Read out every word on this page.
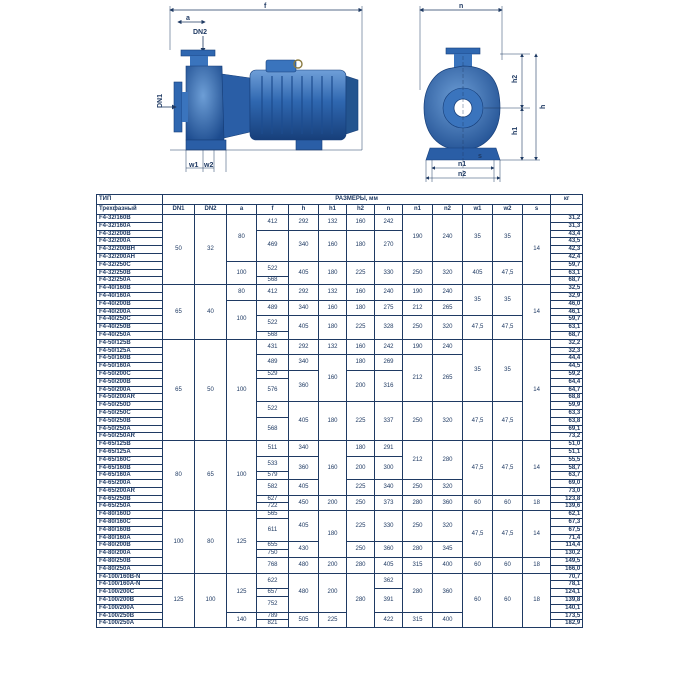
f
a
DN2
DN1
w1 w2
n
h2
h1
h
s
n1
n2
ТИП	РАЗМЕРЫ, мм													кг
Трехфазный	DN1	DN2	a	f	h	h1	h2	n	n1	n2	w1	w2	s	
F4-32/160B	50	32	80	412	292	132	160	242	190	240	35	35	14	31,2
F4-32/160A														31,3
F4-32/200B				469	340	160	180	270						43,4
F4-32/200A														43,5
F4-32/200BH														42,3
F4-32/200AH														42,4
F4-32/250C			100	522	405	180	225	330	250	320	405	47,5		59,7
F4-32/250B														63,1
F4-32/250A				568										68,7
F4-40/160B	65	40	80	412	292	132	160	240	190	240	35	35	14	32,5
F4-40/160A														32,9
F4-40/200B			100	489	340	160	180	275	212	265				46,0
F4-40/200A														46,1
F4-40/250C				522	405	180	225	328	250	320	47,5	47,5		59,7
F4-40/250B														63,1
F4-40/250A				568										68,7
F4-50/125B	65	50	100	431	292	132	160	242	190	240	35	35	14	32,2
F4-50/125A														32,3
F4-50/160B				489	340	160	180	269	212	265				44,4
F4-50/160A														44,5
F4-50/200C				529	360		200	316						59,2
F4-50/200B				576										64,4
F4-50/200A														64,7
F4-50/200AR														68,8
F4-50/250D				522	405	180	225	337	250	320	47,5	47,5		59,9
F4-50/250C														63,3
F4-50/250B				568										63,8
F4-50/250A														69,1
F4-50/250AR														73,2
F4-65/125B	80	65	100	511	340	160	180	291	212	280	47,5	47,5	14	51,0
F4-65/125A														51,1
F4-65/160C				533	360		200	300						55,5
F4-65/160B														58,7
F4-65/160A				579										63,7
F4-65/200A				582	405		225	340	250	320				69,0
F4-65/200AR														73,0
F4-65/250B				627	450	200	250	373	280	360	60	60	18	123,8
F4-65/250A				722										139,6
F4-80/160D	100	80	125	565	405	180	225	330	250	320	47,5	47,5	14	62,1
F4-80/160C				611										67,3
F4-80/160B														67,5
F4-80/160A														71,4
F4-80/200B				655	430		250	360	280	345				114,4
F4-80/200A				750										130,2
F4-80/250B				768	480	200	280	405	315	400	60	60	18	149,5
F4-80/250A														166,0
F4-100/160B-N	125	100	125	622	480	200	280	362	280	360	60	60	18	70,7
F4-100/160A-N														78,1
F4-100/200C				657				391						124,1
F4-100/200B				752										139,8
F4-100/200A														140,1
F4-100/250B			140	789	505	225		422	315	400				173,5
F4-100/250A				821										182,9
